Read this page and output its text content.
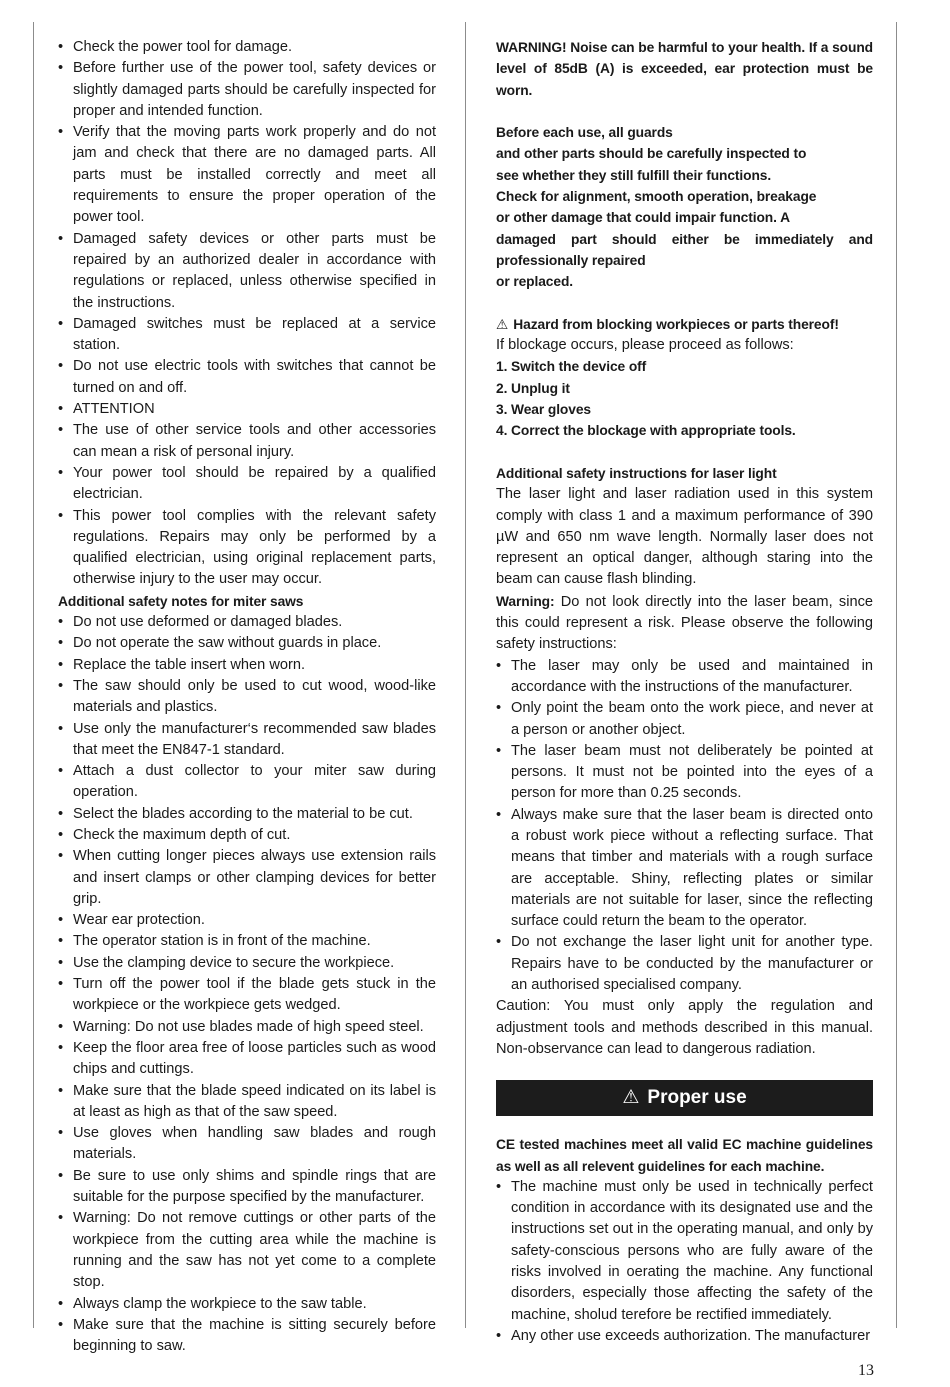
• Check the power tool for damage.
• Before further use of the power tool, safety devices or slightly damaged parts should be carefully inspected for proper and intended function.
• Verify that the moving parts work properly and do not jam and check that there are no damaged parts. All parts must be installed correctly and meet all requirements to ensure the proper operation of the power tool.
• Damaged safety devices or other parts must be repaired by an authorized dealer in accordance with regulations or replaced, unless otherwise specified in the instructions.
• Damaged switches must be replaced at a service station.
• Do not use electric tools with switches that cannot be turned on and off.
• ATTENTION
• The use of other service tools and other accessories can mean a risk of personal injury.
• Your power tool should be repaired by a qualified electrician.
• This power tool complies with the relevant safety regulations. Repairs may only be performed by a qualified electrician, using original replacement parts, otherwise injury to the user may occur.

Additional safety notes for miter saws

• Do not use deformed or damaged blades.
• Do not operate the saw without guards in place.
• Replace the table insert when worn.
• The saw should only be used to cut wood, wood-like materials and plastics.
• Use only the manufacturer‘s recommended saw blades that meet the EN847-1 standard.
• Attach a dust collector to your miter saw during operation.
• Select the blades according to the material to be cut.
• Check the maximum depth of cut.
• When cutting longer pieces always use extension rails and insert clamps or other clamping devices for better grip.
• Wear ear protection.
• The operator station is in front of the machine.
• Use the clamping device to secure the workpiece.
• Turn off the power tool if the blade gets stuck in the workpiece or the workpiece gets wedged.
• Warning: Do not use blades made of high speed steel.
• Keep the floor area free of loose particles such as wood chips and cuttings.
• Make sure that the blade speed indicated on its label is at least as high as that of the saw speed.
• Use gloves when handling saw blades and rough materials.
• Be sure to use only shims and spindle rings that are suitable for the purpose specified by the manufacturer.
• Warning: Do not remove cuttings or other parts of the workpiece from the cutting area while the machine is running and the saw has not yet come to a complete stop.
• Always clamp the workpiece to the saw table.
• Make sure that the machine is sitting securely before beginning to saw.

WARNING! Noise can be harmful to your health. If a sound level of 85dB (A) is exceeded, ear protection must be worn.

Before each use, all guards

and other parts should be carefully inspected to

see whether they still fulfill their functions.

Check for alignment, smooth operation, breakage

or other damage that could impair function. A

damaged part should either be immediately and professionally repaired

or replaced.

⚠ Hazard from blocking workpieces or parts thereof!

If blockage occurs, please proceed as follows:

1. Switch the device off

2. Unplug it

3. Wear gloves

4. Correct the blockage with appropriate tools.

Additional safety instructions for laser light

The laser light and laser radiation used in this system comply with class 1 and a maximum performance of 390 µW and 650 nm wave length. Normally laser does not represent an optical danger, although staring into the beam can cause flash blinding.

Warning: Do not look directly into the laser beam, since this could represent a risk. Please observe the following safety instructions:

• The laser may only be used and maintained in accordance with the instructions of the manufacturer.
• Only point the beam onto the work piece, and never at a person or another object.
• The laser beam must not deliberately be pointed at persons. It must not be pointed into the eyes of a person for more than 0.25 seconds.
• Always make sure that the laser beam is directed onto a robust work piece without a reflecting surface. That means that timber and materials with a rough surface are acceptable. Shiny, reflecting plates or similar materials are not suitable for laser, since the reflecting surface could return the beam to the operator.
• Do not exchange the laser light unit for another type. Repairs have to be conducted by the manufacturer or an authorised specialised company.

Caution: You must only apply the regulation and adjustment tools and methods described in this manual. Non-observance can lead to dangerous radiation.

⚠ Proper use

CE tested machines meet all valid EC machine guidelines as well as all relevent guidelines for each machine.

• The machine must only be used in technically perfect condition in accordance with its designated use and the instructions set out in the operating manual, and only by safety-conscious persons who are fully aware of the risks involved in oerating the machine. Any functional disorders, especially those affecting the safety of the machine, sholud terefore be rectified immediately.
• Any other use exceeds authorization. The manufacturer
13
